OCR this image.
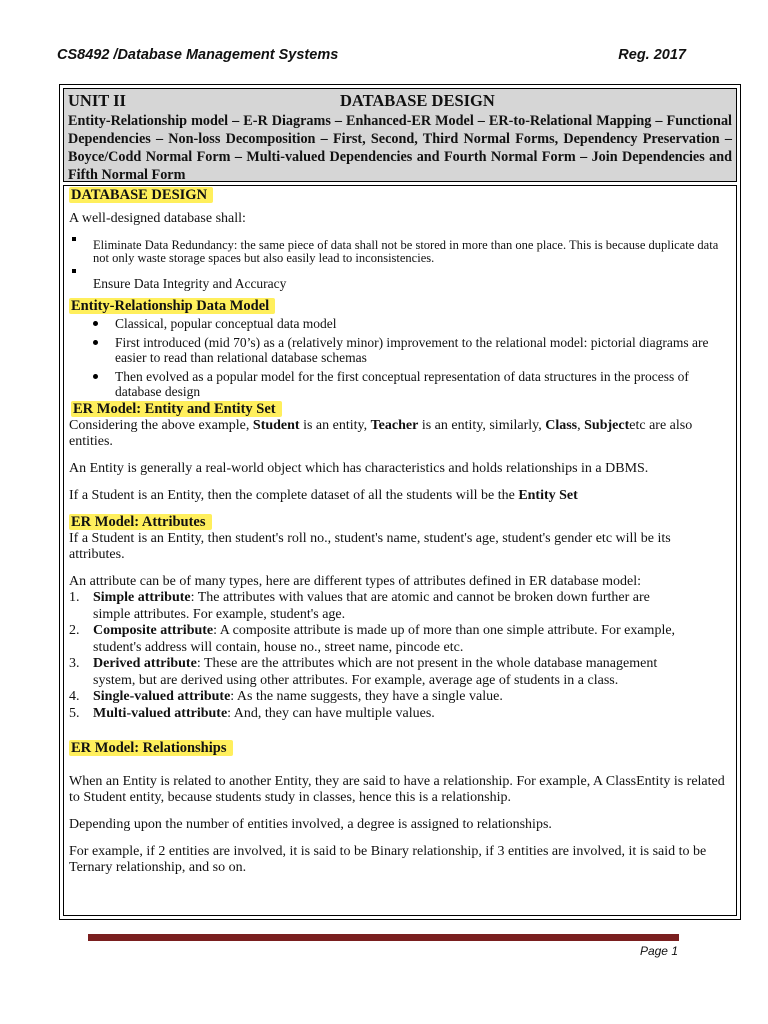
CS8492 /Database Management Systems	Reg. 2017
UNIT II	DATABASE DESIGN
Entity-Relationship model – E-R Diagrams – Enhanced-ER Model – ER-to-Relational Mapping – Functional Dependencies – Non-loss Decomposition – First, Second, Third Normal Forms, Dependency Preservation – Boyce/Codd Normal Form – Multi-valued Dependencies and Fourth Normal Form – Join Dependencies and Fifth Normal Form
DATABASE DESIGN

A well-designed database shall:

Eliminate Data Redundancy: the same piece of data shall not be stored in more than one place. This is because duplicate data not only waste storage spaces but also easily lead to inconsistencies.
Ensure Data Integrity and Accuracy
Entity-Relationship Data Model
Classical, popular conceptual data model
First introduced (mid 70’s) as a (relatively minor) improvement to the relational model: pictorial diagrams are easier to read than relational database schemas
Then evolved as a popular model for the first conceptual representation of data structures in the process of database design
ER Model: Entity and Entity Set

Considering the above example, Student is an entity, Teacher is an entity, similarly, Class, Subjectetc are also entities.

An Entity is generally a real-world object which has characteristics and holds relationships in a DBMS.

If a Student is an Entity, then the complete dataset of all the students will be the Entity Set

ER Model: Attributes

If a Student is an Entity, then student's roll no., student's name, student's age, student's gender etc will be its attributes.

An attribute can be of many types, here are different types of attributes defined in ER database model:

1. Simple attribute: The attributes with values that are atomic and cannot be broken down further are simple attributes. For example, student's age.
2. Composite attribute: A composite attribute is made up of more than one simple attribute. For example, student's address will contain, house no., street name, pincode etc.
3. Derived attribute: These are the attributes which are not present in the whole database management system, but are derived using other attributes. For example, average age of students in a class.
4. Single-valued attribute: As the name suggests, they have a single value.
5. Multi-valued attribute: And, they can have multiple values.
ER Model: Relationships

When an Entity is related to another Entity, they are said to have a relationship. For example, A ClassEntity is related to Student entity, because students study in classes, hence this is a relationship.

Depending upon the number of entities involved, a degree is assigned to relationships.

For example, if 2 entities are involved, it is said to be Binary relationship, if 3 entities are involved, it is said to be Ternary relationship, and so on.

Page 1
